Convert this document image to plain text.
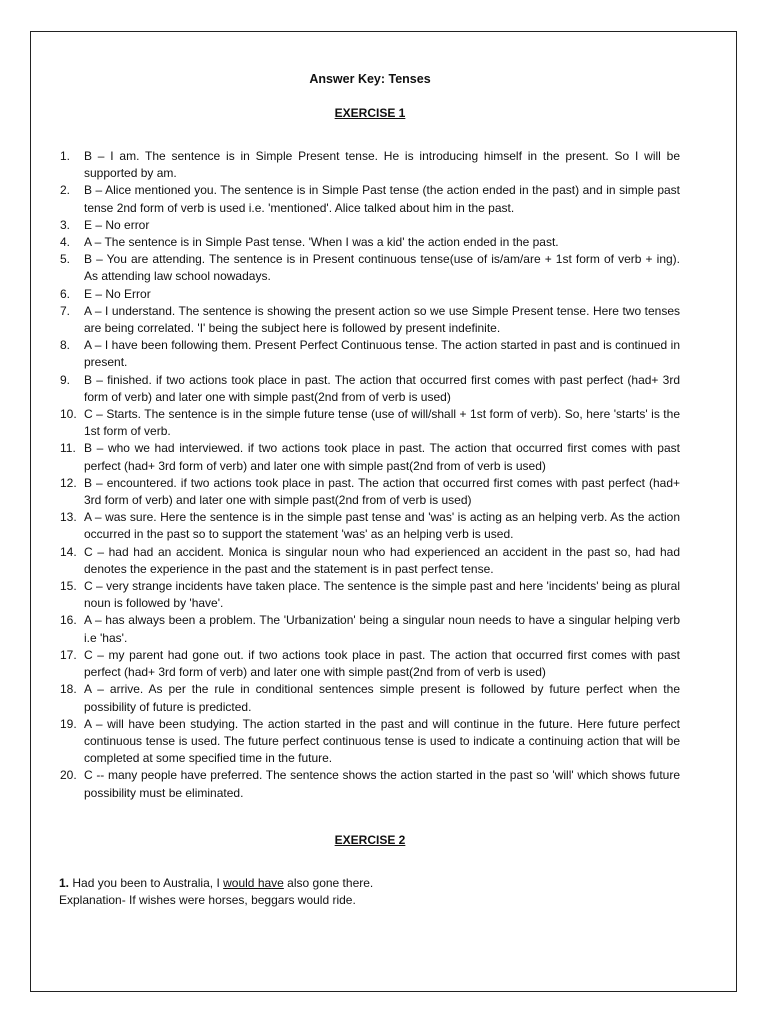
Answer Key: Tenses
EXERCISE 1
1. B – I am. The sentence is in Simple Present tense. He is introducing himself in the present. So I will be supported by am.
2. B – Alice mentioned you. The sentence is in Simple Past tense (the action ended in the past) and in simple past tense 2nd form of verb is used i.e. 'mentioned'. Alice talked about him in the past.
3. E – No error
4. A – The sentence is in Simple Past tense. 'When I was a kid' the action ended in the past.
5. B – You are attending. The sentence is in Present continuous tense(use of is/am/are + 1st form of verb + ing). As attending law school nowadays.
6. E – No Error
7. A – I understand. The sentence is showing the present action so we use Simple Present tense. Here two tenses are being correlated. 'I' being the subject here is followed by present indefinite.
8. A – I have been following them. Present Perfect Continuous tense. The action started in past and is continued in present.
9. B – finished. if two actions took place in past. The action that occurred first comes with past perfect (had+ 3rd form of verb) and later one with simple past(2nd from of verb is used)
10. C – Starts. The sentence is in the simple future tense (use of will/shall + 1st form of verb). So, here 'starts' is the 1st form of verb.
11. B – who we had interviewed. if two actions took place in past. The action that occurred first comes with past perfect (had+ 3rd form of verb) and later one with simple past(2nd from of verb is used)
12. B – encountered. if two actions took place in past. The action that occurred first comes with past perfect (had+ 3rd form of verb) and later one with simple past(2nd from of verb is used)
13. A – was sure. Here the sentence is in the simple past tense and 'was' is acting as an helping verb. As the action occurred in the past so to support the statement 'was' as an helping verb is used.
14. C – had had an accident. Monica is singular noun who had experienced an accident in the past so, had had denotes the experience in the past and the statement is in past perfect tense.
15. C – very strange incidents have taken place. The sentence is the simple past and here 'incidents' being as plural noun is followed by 'have'.
16. A – has always been a problem. The 'Urbanization' being a singular noun needs to have a singular helping verb i.e 'has'.
17. C – my parent had gone out. if two actions took place in past. The action that occurred first comes with past perfect (had+ 3rd form of verb) and later one with simple past(2nd from of verb is used)
18. A – arrive. As per the rule in conditional sentences simple present is followed by future perfect when the possibility of future is predicted.
19. A – will have been studying. The action started in the past and will continue in the future. Here future perfect continuous tense is used. The future perfect continuous tense is used to indicate a continuing action that will be completed at some specified time in the future.
20. C -- many people have preferred. The sentence shows the action started in the past so 'will' which shows future possibility must be eliminated.
EXERCISE 2
1. Had you been to Australia, I would have also gone there.
Explanation- If wishes were horses, beggars would ride.
